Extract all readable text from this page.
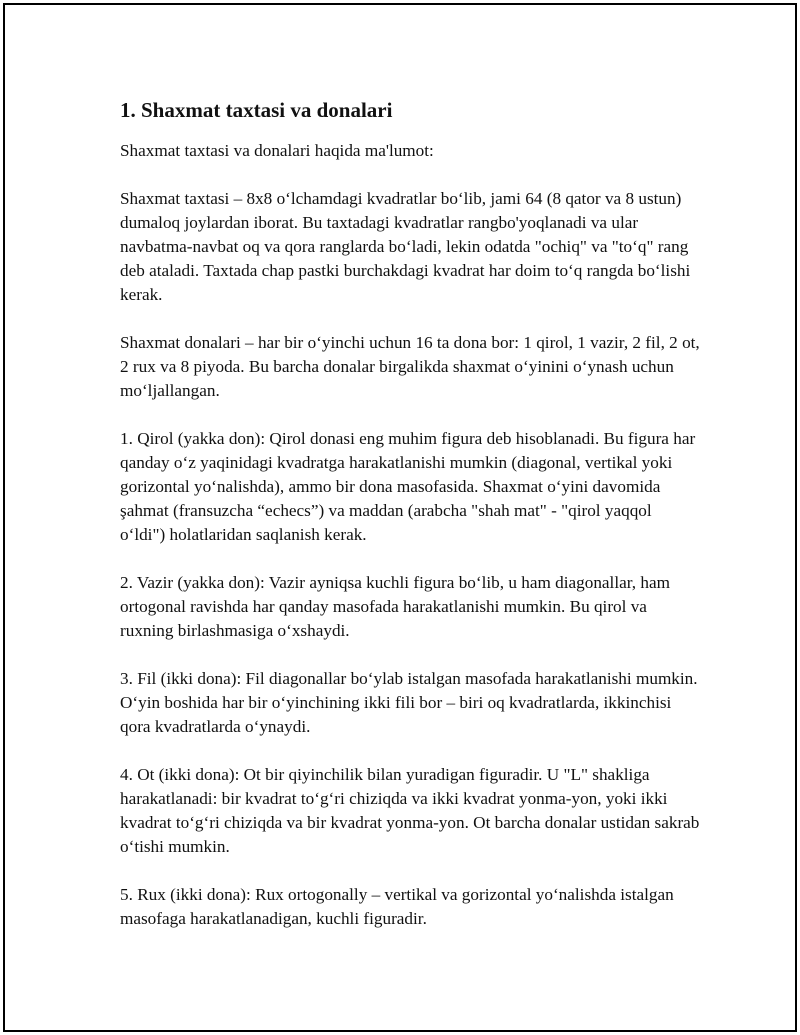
1. Shaxmat taxtasi va donalari

Shaxmat taxtasi va donalari haqida ma'lumot:

Shaxmat taxtasi – 8x8 o‘lchamdagi kvadratlar bo‘lib, jami 64 (8 qator va 8 ustun) dumaloq joylardan iborat. Bu taxtadagi kvadratlar rangbo'yoqlanadi va ular navbatma-navbat oq va qora ranglarda bo‘ladi, lekin odatda "ochiq" va "to‘q" rang deb ataladi. Taxtada chap pastki burchakdagi kvadrat har doim to‘q rangda bo‘lishi kerak.

Shaxmat donalari – har bir o‘yinchi uchun 16 ta dona bor: 1 qirol, 1 vazir, 2 fil, 2 ot, 2 rux va 8 piyoda. Bu barcha donalar birgalikda shaxmat o‘yinini o‘ynash uchun mo‘ljallangan.

1. Qirol (yakka don): Qirol donasi eng muhim figura deb hisoblanadi. Bu figura har qanday o‘z yaqinidagi kvadratga harakatlanishi mumkin (diagonal, vertikal yoki gorizontal yo‘nalishda), ammo bir dona masofasida. Shaxmat o‘yini davomida şahmat (fransuzcha “echecs”) va maddan (arabcha "shah mat" - "qirol yaqqol o‘ldi") holatlaridan saqlanish kerak.

2. Vazir (yakka don): Vazir ayniqsa kuchli figura bo‘lib, u ham diagonallar, ham ortogonal ravishda har qanday masofada harakatlanishi mumkin. Bu qirol va ruxning birlashmasiga o‘xshaydi.

3. Fil (ikki dona): Fil diagonallar bo‘ylab istalgan masofada harakatlanishi mumkin. O‘yin boshida har bir o‘yinchining ikki fili bor – biri oq kvadratlarda, ikkinchisi qora kvadratlarda o‘ynaydi.

4. Ot (ikki dona): Ot bir qiyinchilik bilan yuradigan figuradir. U "L" shakliga harakatlanadi: bir kvadrat to‘g‘ri chiziqda va ikki kvadrat yonma-yon, yoki ikki kvadrat to‘g‘ri chiziqda va bir kvadrat yonma-yon. Ot barcha donalar ustidan sakrab o‘tishi mumkin.

5. Rux (ikki dona): Rux ortogonally – vertikal va gorizontal yo‘nalishda istalgan masofaga harakatlanadigan, kuchli figuradir.
